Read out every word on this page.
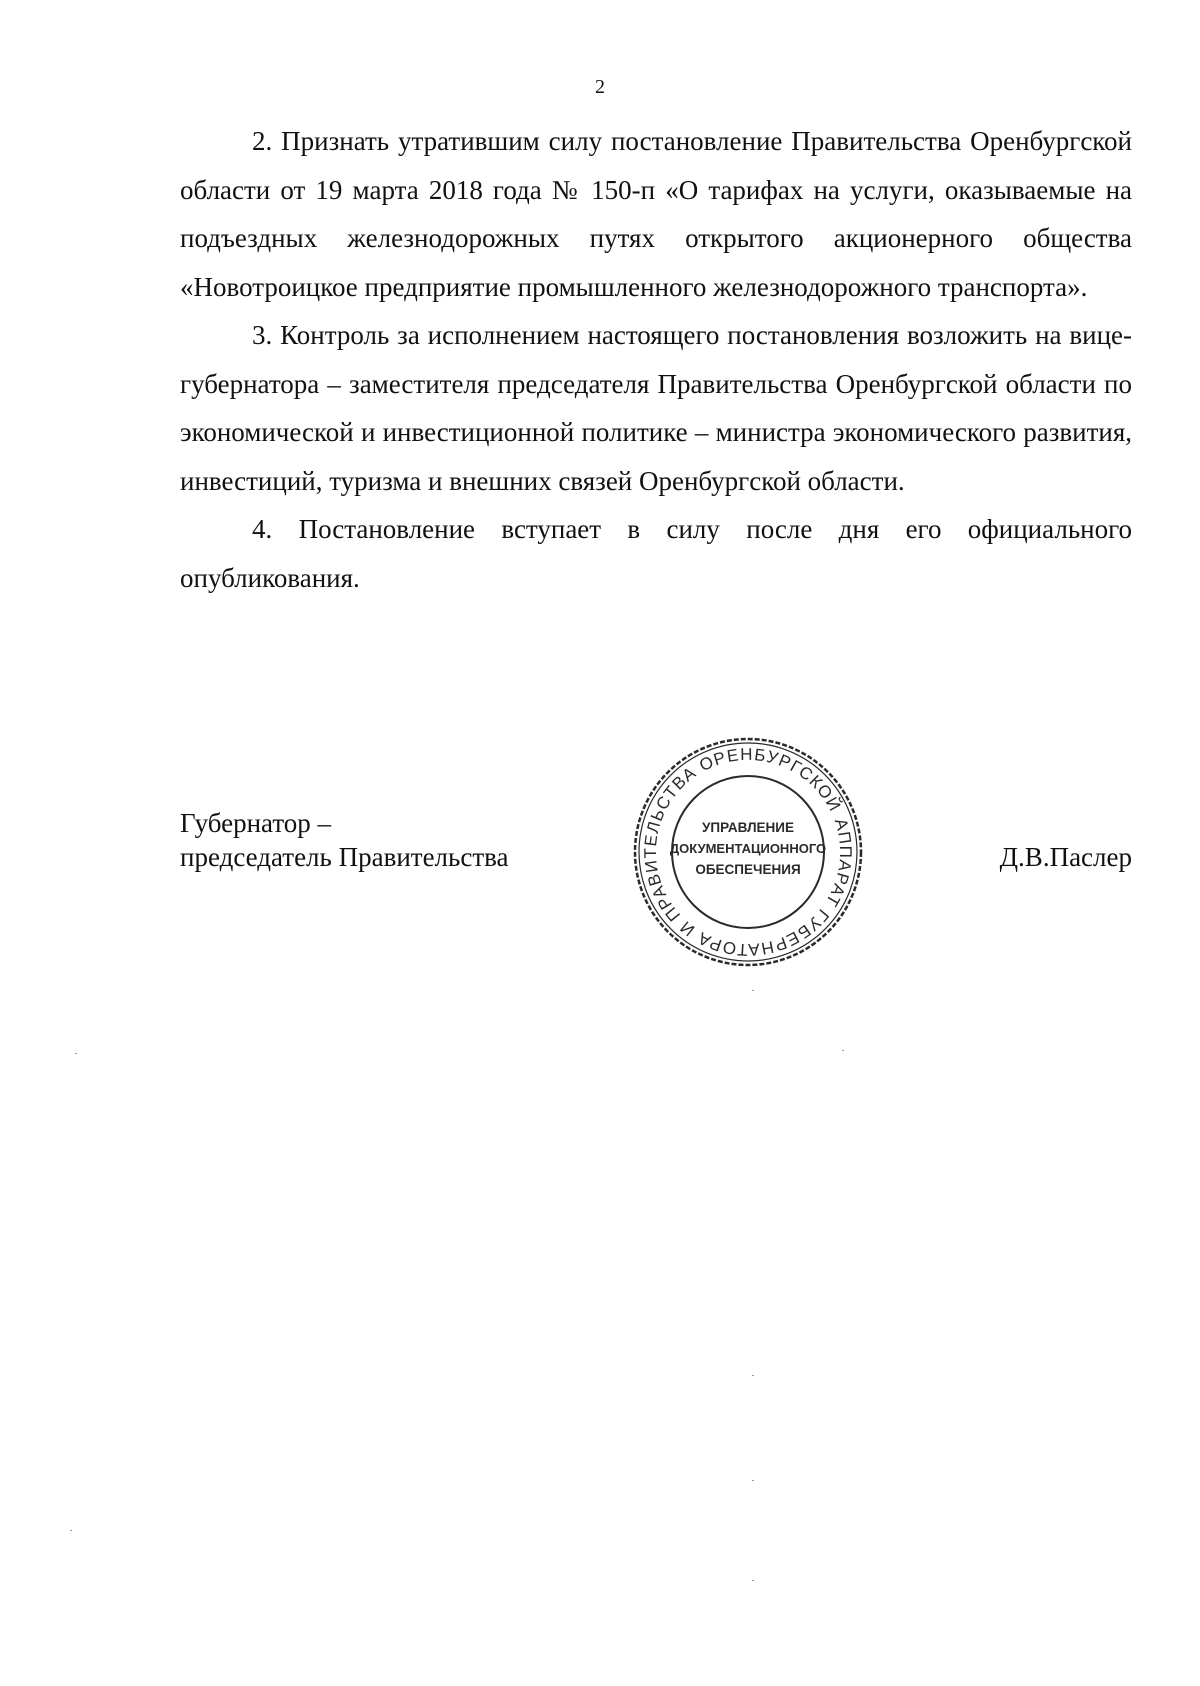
2

2. Признать утратившим силу постановление Правительства Оренбургской области от 19 марта 2018 года № 150-п «О тарифах на услуги, оказываемые на подъездных железнодорожных путях открытого акционерного общества «Новотроицкое предприятие промышленного железнодорожного транспорта».

3. Контроль за исполнением настоящего постановления возложить на вице-губернатора – заместителя председателя Правительства Оренбургской области по экономической и инвестиционной политике – министра экономического развития, инвестиций, туризма и внешних связей Оренбургской области.

4. Постановление вступает в силу после дня его официального опубликования.

Губернатор –
председатель Правительства	Д.В.Паслер
АППАРАТ ГУБЕРНАТОРА И ПРАВИТЕЛЬСТВА ОРЕНБУРГСКОЙ
УПРАВЛЕНИЕ
ДОКУМЕНТАЦИОННОГО
ОБЕСПЕЧЕНИЯ
